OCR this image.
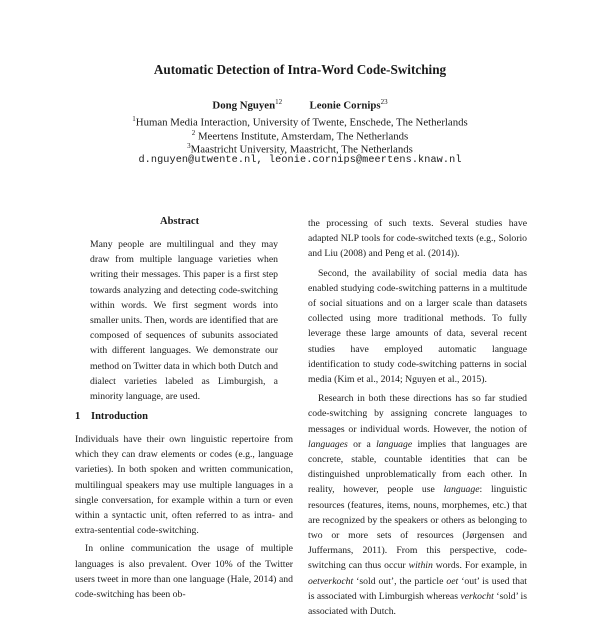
Automatic Detection of Intra-Word Code-Switching
Dong Nguyen$^{12}$	Leonie Cornips$^{23}$
$^1$Human Media Interaction, University of Twente, Enschede, The Netherlands
$^2$ Meertens Institute, Amsterdam, The Netherlands
$^3$Maastricht University, Maastricht, The Netherlands
d.nguyen@utwente.nl, leonie.cornips@meertens.knaw.nl
Abstract

Many people are multilingual and they may draw from multiple language varieties when writing their messages. This paper is a first step towards analyzing and detecting code-switching within words. We first segment words into smaller units. Then, words are identified that are composed of sequences of subunits associated with different languages. We demonstrate our method on Twitter data in which both Dutch and dialect varieties labeled as Limburgish, a minority language, are used.

1 Introduction

Individuals have their own linguistic repertoire from which they can draw elements or codes (e.g., language varieties). In both spoken and written communication, multilingual speakers may use multiple languages in a single conversation, for example within a turn or even within a syntactic unit, often referred to as intra- and extra-sentential code-switching.

In online communication the usage of multiple languages is also prevalent. Over 10% of the Twitter users tweet in more than one language (Hale, 2014) and code-switching has been ob-

the processing of such texts. Several studies have adapted NLP tools for code-switched texts (e.g., Solorio and Liu (2008) and Peng et al. (2014)).

Second, the availability of social media data has enabled studying code-switching patterns in a multitude of social situations and on a larger scale than datasets collected using more traditional methods. To fully leverage these large amounts of data, several recent studies have employed automatic language identification to study code-switching patterns in social media (Kim et al., 2014; Nguyen et al., 2015).

Research in both these directions has so far studied code-switching by assigning concrete languages to messages or individual words. However, the notion of languages or a language implies that languages are concrete, stable, countable identities that can be distinguished unproblematically from each other. In reality, however, people use language: linguistic resources (features, items, nouns, morphemes, etc.) that are recognized by the speakers or others as belonging to two or more sets of resources (Jørgensen and Juffermans, 2011). From this perspective, code-switching can thus occur within words. For example, in oetverkocht ‘sold out’, the particle oet ‘out’ is used that is associated with Limburgish whereas verkocht ‘sold’ is associated with Dutch.
